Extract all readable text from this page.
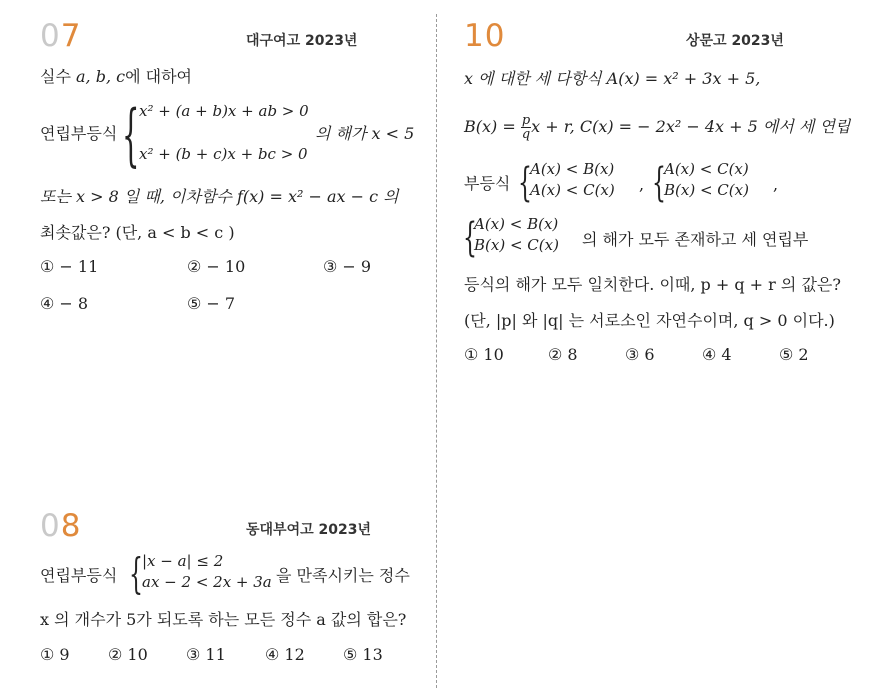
07	대구여고 2023년
실수 a, b, c에 대하여
연립부등식 { x² + (a + b)x + ab > 0
x² + (b + c)x + bc > 0
의 해가 x < 5
또는 x > 8 일 때, 이차함수 f(x) = x² − ax − c 의
최솟값은? (단, a < b < c )
① − 11	② − 10	③ − 9
④ − 8	⑤ − 7
08	동대부여고 2023년
연립부등식 { |x − a| ≤ 2
ax − 2 < 2x + 3a 을 만족시키는 정수
x 의 개수가 5가 되도록 하는 모든 정수 a 값의 합은?
① 9 ② 10 ③ 11 ④ 12 ⑤ 13
10	상문고 2023년
x 에 대한 세 다항식 A(x) = x² + 3x + 5,
$B(x) = \frac{p}{q}$ x + r, C(x) = − 2x² − 4x + 5 에서 세 연립
부등식 {
A(x) < B(x)
A(x) < C(x) , {
A(x) < C(x)
B(x) < C(x) ,
{
A(x) < B(x)
B(x) < C(x) 의 해가 모두 존재하고 세 연립부
등식의 해가 모두 일치한다. 이때, p + q + r 의 값은?
(단, |p| 와 |q| 는 서로소인 자연수이며, q > 0 이다.)
① 10	② 8	③ 6	④ 4	⑤ 2
